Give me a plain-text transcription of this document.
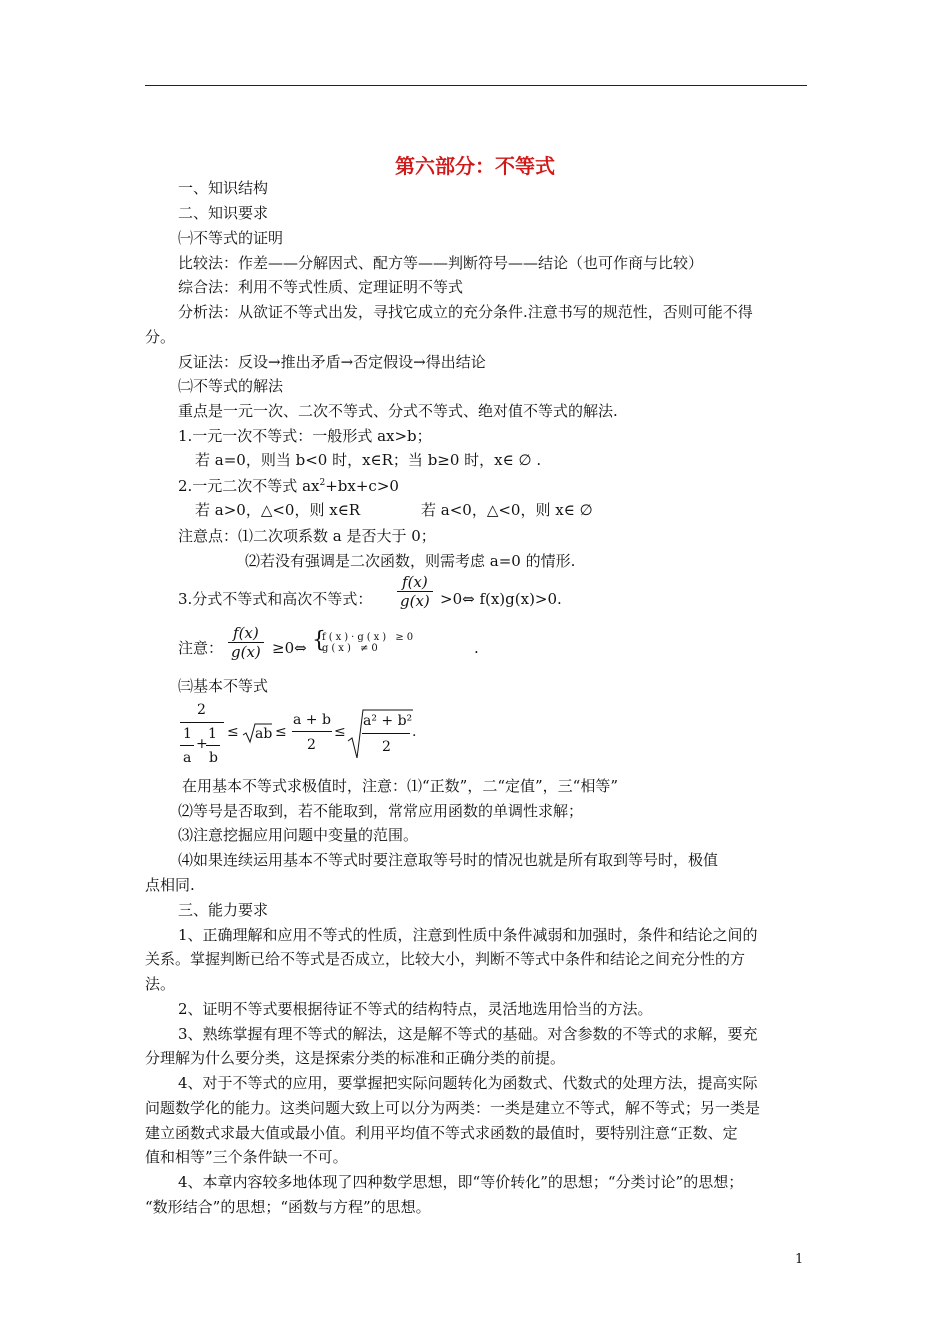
第六部分：不等式
一、知识结构
二、知识要求
㈠不等式的证明
比较法：作差——分解因式、配方等——判断符号——结论（也可作商与比较）
综合法：利用不等式性质、定理证明不等式
分析法：从欲证不等式出发，寻找它成立的充分条件.注意书写的规范性，否则可能不得
分。
反证法：反设→推出矛盾→否定假设→得出结论
㈡不等式的解法
重点是一元一次、二次不等式、分式不等式、绝对值不等式的解法.
1.一元一次不等式：一般形式 ax>b；
若 a=0，则当 b<0 时，x∈R；当 b≥0 时，x∈ ∅ .
2.一元二次不等式 $ax^2+bx+c>0$
若 a>0，△<0，则 x∈R	若 a<0，△<0，则 x∈ ∅
注意点：⑴二次项系数 a 是否大于 0；
⑵若没有强调是二次函数，则需考虑 a=0 的情形.
3.分式不等式和高次不等式： $\frac{f(x)}{g(x)}$ >0⇔ f(x)g(x)>0.
注意： $\frac{f(x)}{g(x)}$ ≥0⇔ {
f(x)·g(x) ≥0
g(x) ≠0	.
㈢基本不等式
2
1 1
+
a b
≤ ab ≤
a + b
2
≤
a² + b²
2
.
在用基本不等式求极值时，注意：⑴“正数”，二“定值”，三“相等”
⑵等号是否取到，若不能取到，常常应用函数的单调性求解；
⑶注意挖掘应用问题中变量的范围。
⑷如果连续运用基本不等式时要注意取等号时的情况也就是所有取到等号时，极值
点相同.
三、能力要求
1、正确理解和应用不等式的性质，注意到性质中条件减弱和加强时，条件和结论之间的
关系。掌握判断已给不等式是否成立，比较大小，判断不等式中条件和结论之间充分性的方
法。
2、证明不等式要根据待证不等式的结构特点，灵活地选用恰当的方法。
3、熟练掌握有理不等式的解法，这是解不等式的基础。对含参数的不等式的求解，要充
分理解为什么要分类，这是探索分类的标准和正确分类的前提。
4、对于不等式的应用，要掌握把实际问题转化为函数式、代数式的处理方法，提高实际
问题数学化的能力。这类问题大致上可以分为两类：一类是建立不等式，解不等式；另一类是
建立函数式求最大值或最小值。利用平均值不等式求函数的最值时，要特别注意“正数、定
值和相等”三个条件缺一不可。
4、本章内容较多地体现了四种数学思想，即“等价转化”的思想；“分类讨论”的思想；
“数形结合”的思想；“函数与方程”的思想。
1
